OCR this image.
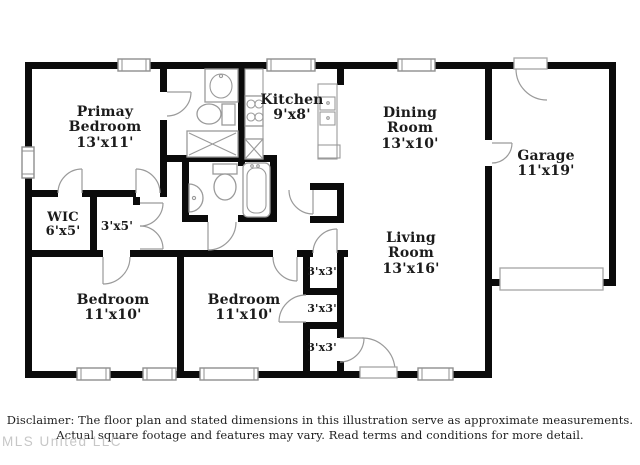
Primay
Bedroom
13'x11'
Kitchen
9'x8'	Dining
Room
13'x10'
Garage
11'x19'
WIC
6'x5'	3'x5'
Living
Room
13'x16'
Bedroom
11'x10'
Bedroom
11'x10'
3'x3'
3'x3'
3'x3'
Disclaimer: The floor plan and stated dimensions in this illustration serve as approximate measurements.
Actual square footage and features may vary. Read terms and conditions for more detail.
MLS United LLC
